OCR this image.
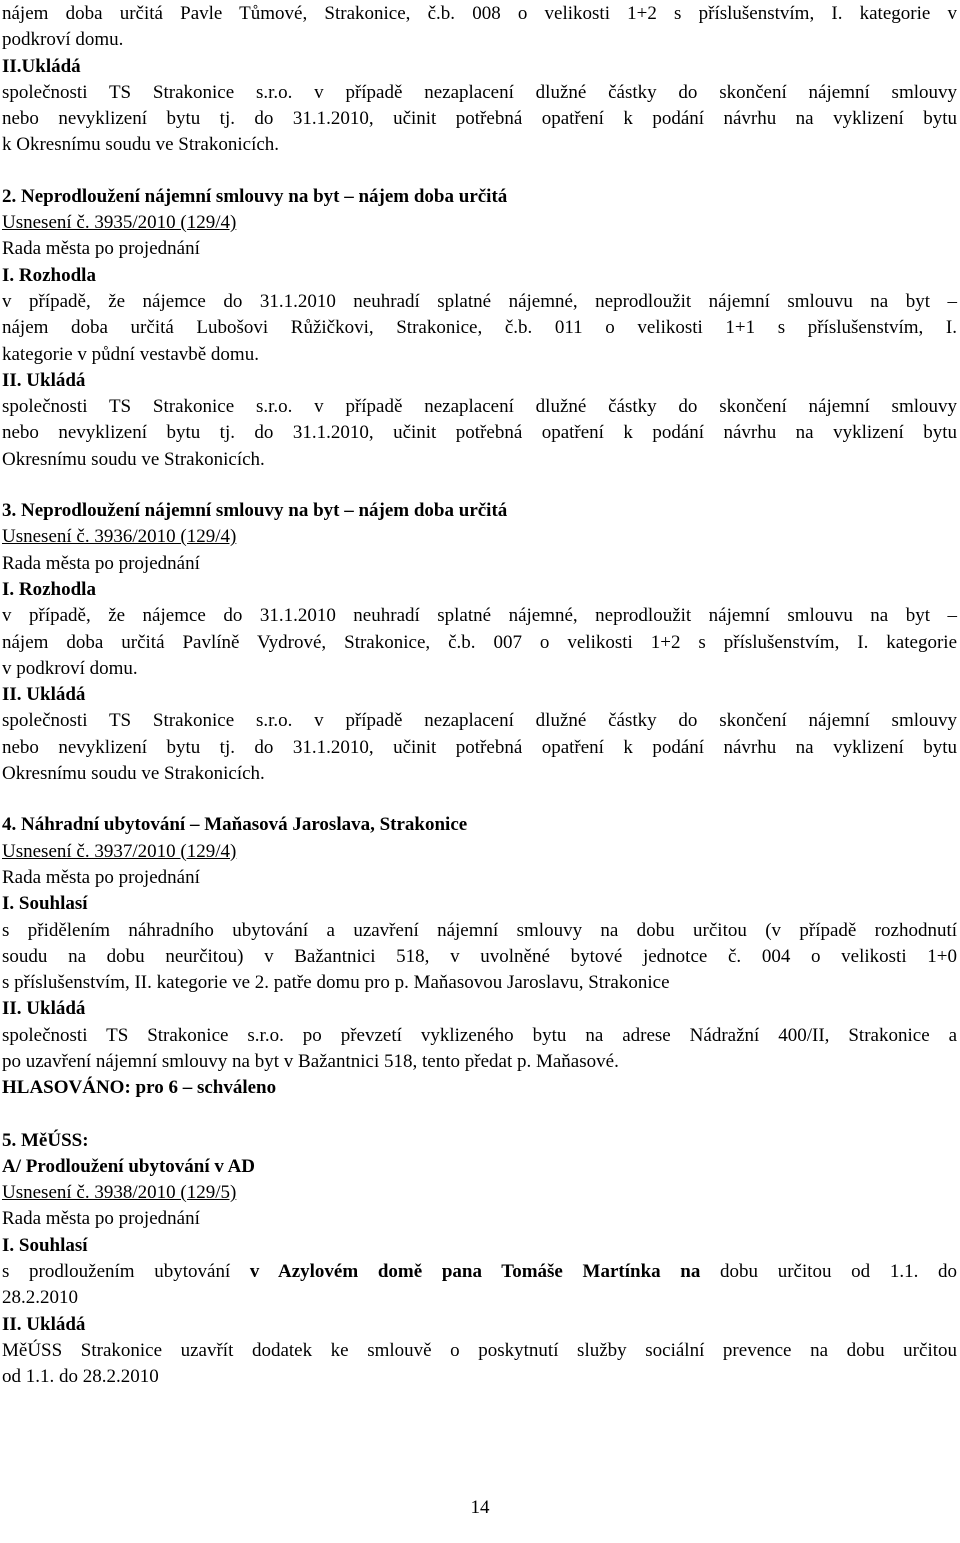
nájem doba určitá Pavle Tůmové, Strakonice, č.b. 008 o velikosti 1+2 s příslušenstvím, I. kategorie v

podkroví domu.

II.Ukládá

společnosti TS Strakonice s.r.o. v případě nezaplacení dlužné částky do skončení nájemní smlouvy

nebo nevyklizení bytu tj. do 31.1.2010, učinit potřebná opatření k podání návrhu na vyklizení bytu

k Okresnímu soudu ve Strakonicích.

2. Neprodloužení nájemní smlouvy na byt – nájem doba určitá

Usnesení č. 3935/2010 (129/4)

Rada města po projednání

I. Rozhodla

v případě, že nájemce do 31.1.2010 neuhradí splatné nájemné, neprodloužit nájemní smlouvu na byt –

nájem doba určitá Lubošovi Růžičkovi, Strakonice, č.b. 011 o velikosti 1+1 s příslušenstvím, I.

kategorie v půdní vestavbě domu.

II. Ukládá

společnosti TS Strakonice s.r.o. v případě nezaplacení dlužné částky do skončení nájemní smlouvy

nebo nevyklizení bytu tj. do 31.1.2010, učinit potřebná opatření k podání návrhu na vyklizení bytu

Okresnímu soudu ve Strakonicích.

3. Neprodloužení nájemní smlouvy na byt – nájem doba určitá

Usnesení č. 3936/2010 (129/4)

Rada města po projednání

I. Rozhodla

v případě, že nájemce do 31.1.2010 neuhradí splatné nájemné, neprodloužit nájemní smlouvu na byt –

nájem doba určitá Pavlíně Vydrové, Strakonice, č.b. 007 o velikosti 1+2 s příslušenstvím, I. kategorie

v podkroví domu.

II. Ukládá

společnosti TS Strakonice s.r.o. v případě nezaplacení dlužné částky do skončení nájemní smlouvy

nebo nevyklizení bytu tj. do 31.1.2010, učinit potřebná opatření k podání návrhu na vyklizení bytu

Okresnímu soudu ve Strakonicích.

4. Náhradní ubytování – Maňasová Jaroslava, Strakonice

Usnesení č. 3937/2010 (129/4)

Rada města po projednání

I. Souhlasí

s přidělením náhradního ubytování a uzavření nájemní smlouvy na dobu určitou (v případě rozhodnutí

soudu na dobu neurčitou) v Bažantnici 518, v uvolněné bytové jednotce č. 004 o velikosti 1+0

s příslušenstvím, II. kategorie ve 2. patře domu pro p. Maňasovou Jaroslavu, Strakonice

II. Ukládá

společnosti TS Strakonice s.r.o. po převzetí vyklizeného bytu na adrese Nádražní 400/II, Strakonice a

po uzavření nájemní smlouvy na byt v Bažantnici 518, tento předat p. Maňasové.

HLASOVÁNO: pro 6 – schváleno

5. MěÚSS:

A/ Prodloužení ubytování v AD

Usnesení č. 3938/2010 (129/5)

Rada města po projednání

I. Souhlasí

s prodloužením ubytování v Azylovém domě pana Tomáše Martínka na dobu určitou od 1.1. do

28.2.2010

II. Ukládá

MěÚSS Strakonice uzavřít dodatek ke smlouvě o poskytnutí služby sociální prevence na dobu určitou

od 1.1. do 28.2.2010

14
